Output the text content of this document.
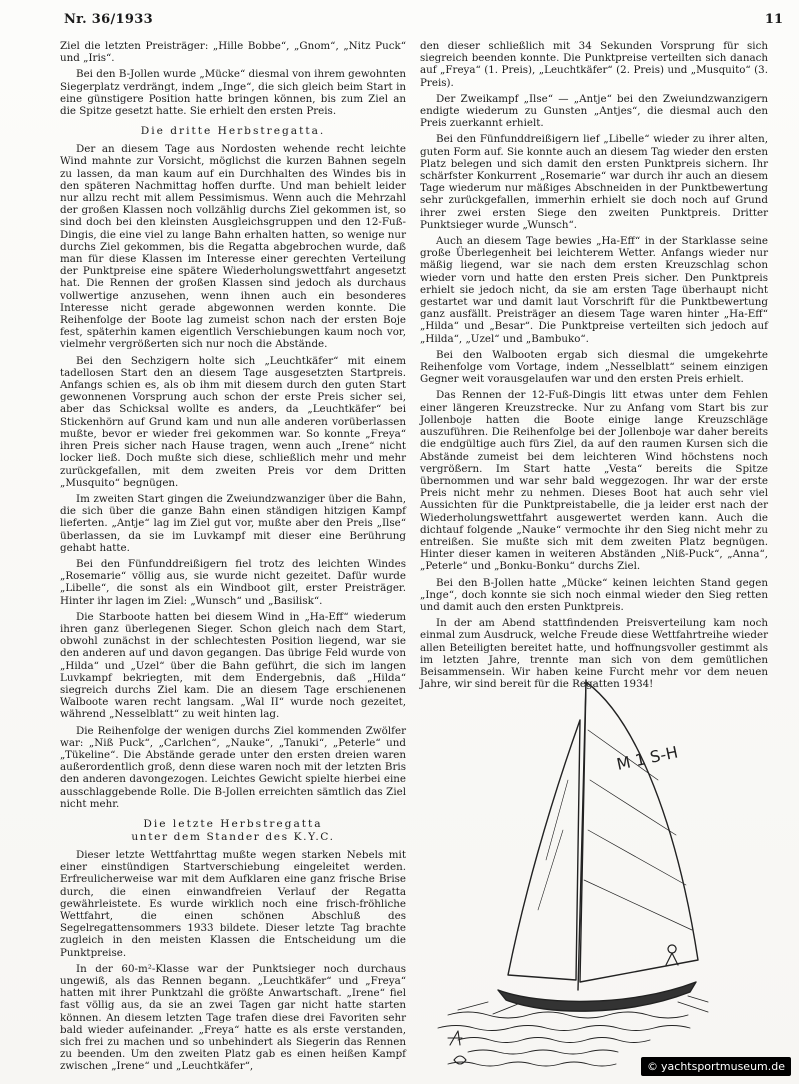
Nr. 36/1933	11

Ziel die letzten Preisträger: „Hille Bobbe“, „Gnom“, „Nitz Puck“ und „Iris“.

Bei den B-Jollen wurde „Mücke“ diesmal von ihrem gewohnten Siegerplatz verdrängt, indem „Inge“, die sich gleich beim Start in eine günstigere Position hatte bringen können, bis zum Ziel an die Spitze gesetzt hatte. Sie erhielt den ersten Preis.

Die dritte Herbstregatta.

Der an diesem Tage aus Nordosten wehende recht leichte Wind mahnte zur Vorsicht, möglichst die kurzen Bahnen segeln zu lassen, da man kaum auf ein Durchhalten des Windes bis in den späteren Nachmittag hoffen durfte. Und man behielt leider nur allzu recht mit allem Pessimismus. Wenn auch die Mehrzahl der großen Klassen noch vollzählig durchs Ziel gekommen ist, so sind doch bei den kleinsten Ausgleichsgruppen und den 12-Fuß-Dingis, die eine viel zu lange Bahn erhalten hatten, so wenige nur durchs Ziel gekommen, bis die Regatta abgebrochen wurde, daß man für diese Klassen im Interesse einer gerechten Verteilung der Punktpreise eine spätere Wiederholungswettfahrt angesetzt hat. Die Rennen der großen Klassen sind jedoch als durchaus vollwertige anzusehen, wenn ihnen auch ein besonderes Interesse nicht gerade abgewonnen werden konnte. Die Reihenfolge der Boote lag zumeist schon nach der ersten Boje fest, späterhin kamen eigentlich Verschiebungen kaum noch vor, vielmehr vergrößerten sich nur noch die Abstände.

Bei den Sechzigern holte sich „Leuchtkäfer“ mit einem tadellosen Start den an diesem Tage ausgesetzten Startpreis. Anfangs schien es, als ob ihm mit diesem durch den guten Start gewonnenen Vorsprung auch schon der erste Preis sicher sei, aber das Schicksal wollte es anders, da „Leuchtkäfer“ bei Stickenhörn auf Grund kam und nun alle anderen vorüberlassen mußte, bevor er wieder frei gekommen war. So konnte „Freya“ ihren Preis sicher nach Hause tragen, wenn auch „Irene“ nicht locker ließ. Doch mußte sich diese, schließlich mehr und mehr zurückgefallen, mit dem zweiten Preis vor dem Dritten „Musquito“ begnügen.

Im zweiten Start gingen die Zweiundzwanziger über die Bahn, die sich über die ganze Bahn einen ständigen hitzigen Kampf lieferten. „Antje“ lag im Ziel gut vor, mußte aber den Preis „Ilse“ überlassen, da sie im Luvkampf mit dieser eine Berührung gehabt hatte.

Bei den Fünfunddreißigern fiel trotz des leichten Windes „Rosemarie“ völlig aus, sie wurde nicht gezeitet. Dafür wurde „Libelle“, die sonst als ein Windboot gilt, erster Preisträger. Hinter ihr lagen im Ziel: „Wunsch“ und „Basilisk“.

Die Starboote hatten bei diesem Wind in „Ha-Eff“ wiederum ihren ganz überlegenen Sieger. Schon gleich nach dem Start, obwohl zunächst in der schlechtesten Position liegend, war sie den anderen auf und davon gegangen. Das übrige Feld wurde von „Hilda“ und „Uzel“ über die Bahn geführt, die sich im langen Luvkampf bekriegten, mit dem Endergebnis, daß „Hilda“ siegreich durchs Ziel kam. Die an diesem Tage erschienenen Walboote waren recht langsam. „Wal II“ wurde noch gezeitet, während „Nesselblatt“ zu weit hinten lag.

Die Reihenfolge der wenigen durchs Ziel kommenden Zwölfer war: „Niß Puck“, „Carlchen“, „Nauke“, „Tanuki“, „Peterle“ und „Tükeline“. Die Abstände gerade unter den ersten dreien waren außerordentlich groß, denn diese waren noch mit der letzten Bris den anderen davongezogen. Leichtes Gewicht spielte hierbei eine ausschlaggebende Rolle. Die B-Jollen erreichten sämtlich das Ziel nicht mehr.

Die letzte Herbstregatta
unter dem Stander des K.Y.C.

Dieser letzte Wettfahrttag mußte wegen starken Nebels mit einer einstündigen Startverschiebung eingeleitet werden. Erfreulicherweise war mit dem Aufklaren eine ganz frische Brise durch, die einen einwandfreien Verlauf der Regatta gewährleistete. Es wurde wirklich noch eine frisch-fröhliche Wettfahrt, die einen schönen Abschluß des Segelregattensommers 1933 bildete. Dieser letzte Tag brachte zugleich in den meisten Klassen die Entscheidung um die Punktpreise.

In der 60-m²-Klasse war der Punktsieger noch durchaus ungewiß, als das Rennen begann. „Leuchtkäfer“ und „Freya“ hatten mit ihrer Punktzahl die größte Anwartschaft. „Irene“ fiel fast völlig aus, da sie an zwei Tagen gar nicht hatte starten können. An diesem letzten Tage trafen diese drei Favoriten sehr bald wieder aufeinander. „Freya“ hatte es als erste verstanden, sich frei zu machen und so unbehindert als Siegerin das Rennen zu beenden. Um den zweiten Platz gab es einen heißen Kampf zwischen „Irene“ und „Leuchtkäfer“,

den dieser schließlich mit 34 Sekunden Vorsprung für sich siegreich beenden konnte. Die Punktpreise verteilten sich danach auf „Freya“ (1. Preis), „Leuchtkäfer“ (2. Preis) und „Musquito“ (3. Preis).

Der Zweikampf „Ilse“ — „Antje“ bei den Zweiundzwanzigern endigte wiederum zu Gunsten „Antjes“, die diesmal auch den Preis zuerkannt erhielt.

Bei den Fünfunddreißigern lief „Libelle“ wieder zu ihrer alten, guten Form auf. Sie konnte auch an diesem Tag wieder den ersten Platz belegen und sich damit den ersten Punktpreis sichern. Ihr schärfster Konkurrent „Rosemarie“ war durch ihr auch an diesem Tage wiederum nur mäßiges Abschneiden in der Punktbewertung sehr zurückgefallen, immerhin erhielt sie doch noch auf Grund ihrer zwei ersten Siege den zweiten Punktpreis. Dritter Punktsieger wurde „Wunsch“.

Auch an diesem Tage bewies „Ha-Eff“ in der Starklasse seine große Überlegenheit bei leichterem Wetter. Anfangs wieder nur mäßig liegend, war sie nach dem ersten Kreuzschlag schon wieder vorn und hatte den ersten Preis sicher. Den Punktpreis erhielt sie jedoch nicht, da sie am ersten Tage überhaupt nicht gestartet war und damit laut Vorschrift für die Punktbewertung ganz ausfällt. Preisträger an diesem Tage waren hinter „Ha-Eff“ „Hilda“ und „Besar“. Die Punktpreise verteilten sich jedoch auf „Hilda“, „Uzel“ und „Bambuko“.

Bei den Walbooten ergab sich diesmal die umgekehrte Reihenfolge vom Vortage, indem „Nesselblatt“ seinem einzigen Gegner weit vorausgelaufen war und den ersten Preis erhielt.

Das Rennen der 12-Fuß-Dingis litt etwas unter dem Fehlen einer längeren Kreuzstrecke. Nur zu Anfang vom Start bis zur Jollenboje hatten die Boote einige lange Kreuzschläge auszuführen. Die Reihenfolge bei der Jollenboje war daher bereits die endgültige auch fürs Ziel, da auf den raumen Kursen sich die Abstände zumeist bei dem leichteren Wind höchstens noch vergrößern. Im Start hatte „Vesta“ bereits die Spitze übernommen und war sehr bald weggezogen. Ihr war der erste Preis nicht mehr zu nehmen. Dieses Boot hat auch sehr viel Aussichten für die Punktpreistabelle, die ja leider erst nach der Wiederholungswettfahrt ausgewertet werden kann. Auch die dichtauf folgende „Nauke“ vermochte ihr den Sieg nicht mehr zu entreißen. Sie mußte sich mit dem zweiten Platz begnügen. Hinter dieser kamen in weiteren Abständen „Niß-Puck“, „Anna“, „Peterle“ und „Bonku-Bonku“ durchs Ziel.

Bei den B-Jollen hatte „Mücke“ keinen leichten Stand gegen „Inge“, doch konnte sie sich noch einmal wieder den Sieg retten und damit auch den ersten Punktpreis.

In der am Abend stattfindenden Preisverteilung kam noch einmal zum Ausdruck, welche Freude diese Wettfahrtreihe wieder allen Beteiligten bereitet hatte, und hoffnungsvoller gestimmt als im letzten Jahre, trennte man sich von dem gemütlichen Beisammensein. Wir haben keine Furcht mehr vor dem neuen Jahre, wir sind bereit für die Regatten 1934!

M 1 S-H
© yachtsportmuseum.de
